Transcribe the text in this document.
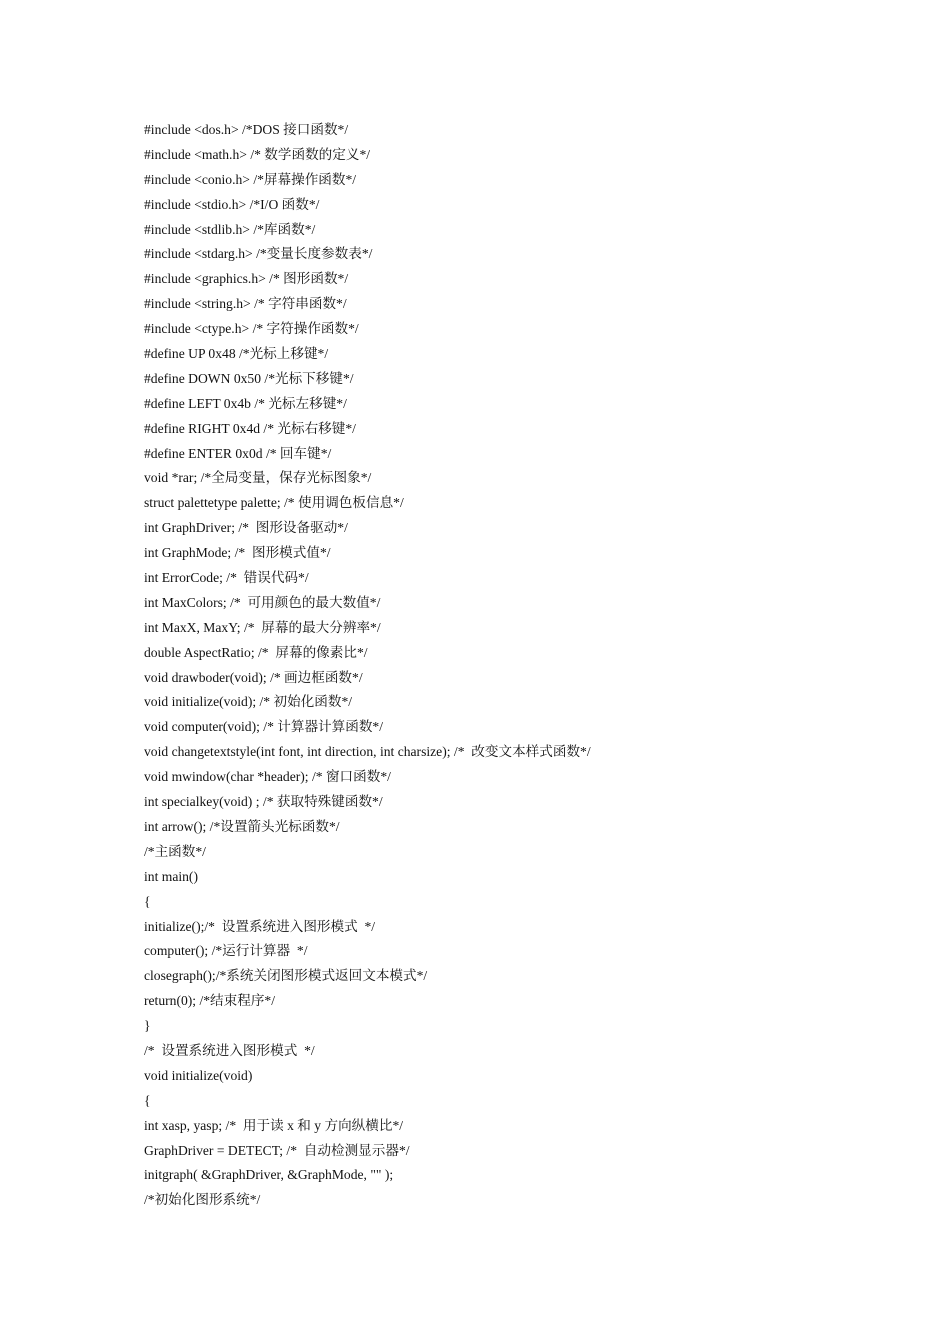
#include <dos.h> /*DOS 接口函数*/
#include <math.h> /* 数学函数的定义*/
#include <conio.h> /*屏幕操作函数*/
#include <stdio.h> /*I/O 函数*/
#include <stdlib.h> /*库函数*/
#include <stdarg.h> /*变量长度参数表*/
#include <graphics.h> /* 图形函数*/
#include <string.h> /* 字符串函数*/
#include <ctype.h> /* 字符操作函数*/
#define UP 0x48 /*光标上移键*/
#define DOWN 0x50 /*光标下移键*/
#define LEFT 0x4b /* 光标左移键*/
#define RIGHT 0x4d /* 光标右移键*/
#define ENTER 0x0d /* 回车键*/
void *rar; /*全局变量，保存光标图象*/
struct palettetype palette; /* 使用调色板信息*/
int GraphDriver; /*  图形设备驱动*/
int GraphMode; /*  图形模式值*/
int ErrorCode; /*  错误代码*/
int MaxColors; /*  可用颜色的最大数值*/
int MaxX, MaxY; /*  屏幕的最大分辨率*/
double AspectRatio; /*  屏幕的像素比*/
void drawboder(void); /* 画边框函数*/
void initialize(void); /* 初始化函数*/
void computer(void); /* 计算器计算函数*/
void changetextstyle(int font, int direction, int charsize); /*  改变文本样式函数*/
void mwindow(char *header); /* 窗口函数*/
int specialkey(void) ; /* 获取特殊键函数*/
int arrow(); /*设置箭头光标函数*/
/*主函数*/
int main()
{
initialize();/*  设置系统进入图形模式  */
computer(); /*运行计算器  */
closegraph();/*系统关闭图形模式返回文本模式*/
return(0); /*结束程序*/
}
/*  设置系统进入图形模式  */
void initialize(void)
{
int xasp, yasp; /*  用于读 x 和 y 方向纵横比*/
GraphDriver = DETECT; /*  自动检测显示器*/
initgraph( &GraphDriver, &GraphMode, "" );
/*初始化图形系统*/
